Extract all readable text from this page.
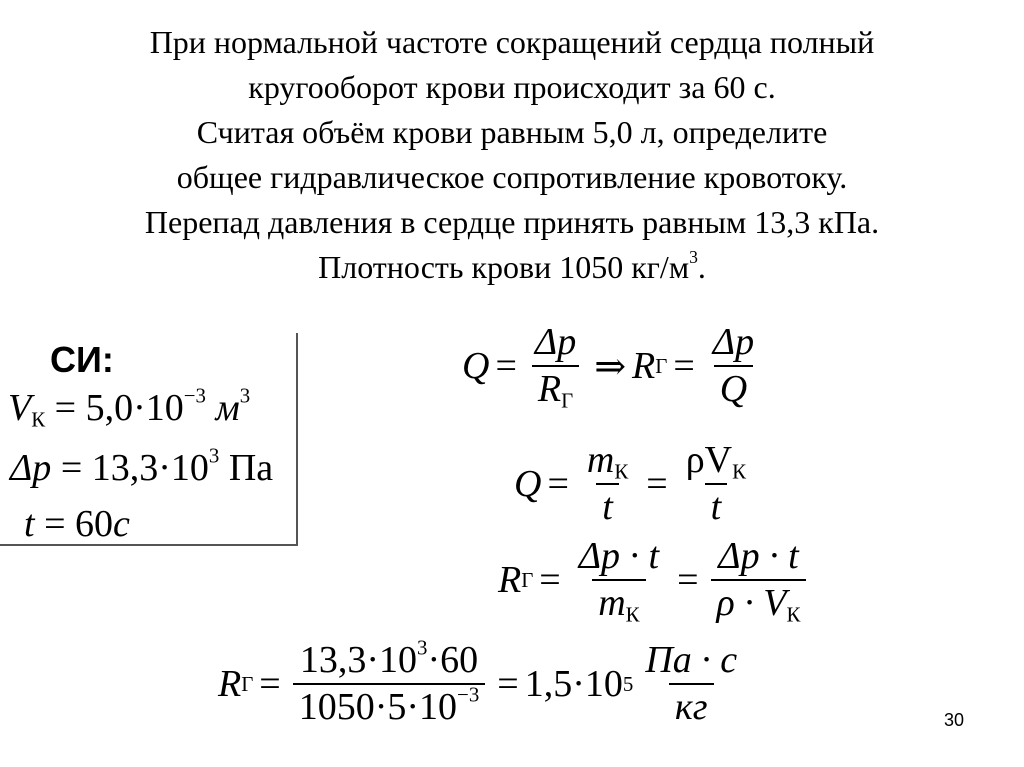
При нормальной частоте сокращений сердца полный
кругооборот крови происходит за 60 с.
Считая объём крови равным 5,0 л, определите
общее гидравлическое сопротивление кровотоку.
Перепад давления в сердце принять равным 13,3 кПа.
Плотность крови 1050 $кг/м^3$.
СИ:
$V_К = 5,0\cdot 10^{-3}$ $м^3$
$\Delta p = 13,3\cdot 10^3$ Па
t = 60с
$Q = \frac{\Delta p}{R_Г}$ ⇒ R $Г = \frac{\Delta p}{Q}$
$Q = \frac{m_К}{t} = \frac{\rho V_К}{t}$
R $Г = \frac{\Delta p \cdot t}{m_К} = \frac{\Delta p \cdot t}{\rho \cdot V_К}$
R $Г = \frac{13,3\cdot 10^3\cdot 60}{1050\cdot 5\cdot 10^{-3}} = 1,5\cdot 10$ $5 \frac{Па \cdot с}{кг}$	30
